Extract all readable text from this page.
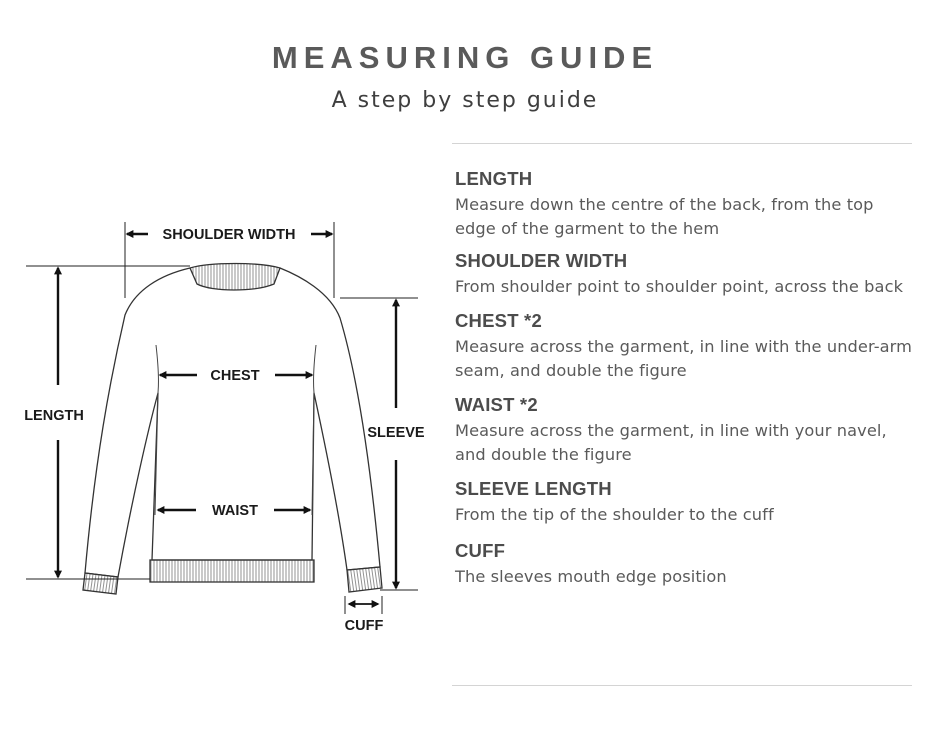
MEASURING GUIDE
A step by step guide
SHOULDER WIDTH
LENGTH
CHEST
WAIST
SLEEVE
CUFF
LENGTH

Measure down the centre of the back, from the top edge of the garment to the hem

SHOULDER WIDTH

From shoulder point to shoulder point, across the back

CHEST *2

Measure across the garment, in line with the under-arm seam, and double the figure

WAIST *2

Measure across the garment, in line with your navel, and double the figure

SLEEVE LENGTH

From the tip of the shoulder to the cuff

CUFF

The sleeves mouth edge position
